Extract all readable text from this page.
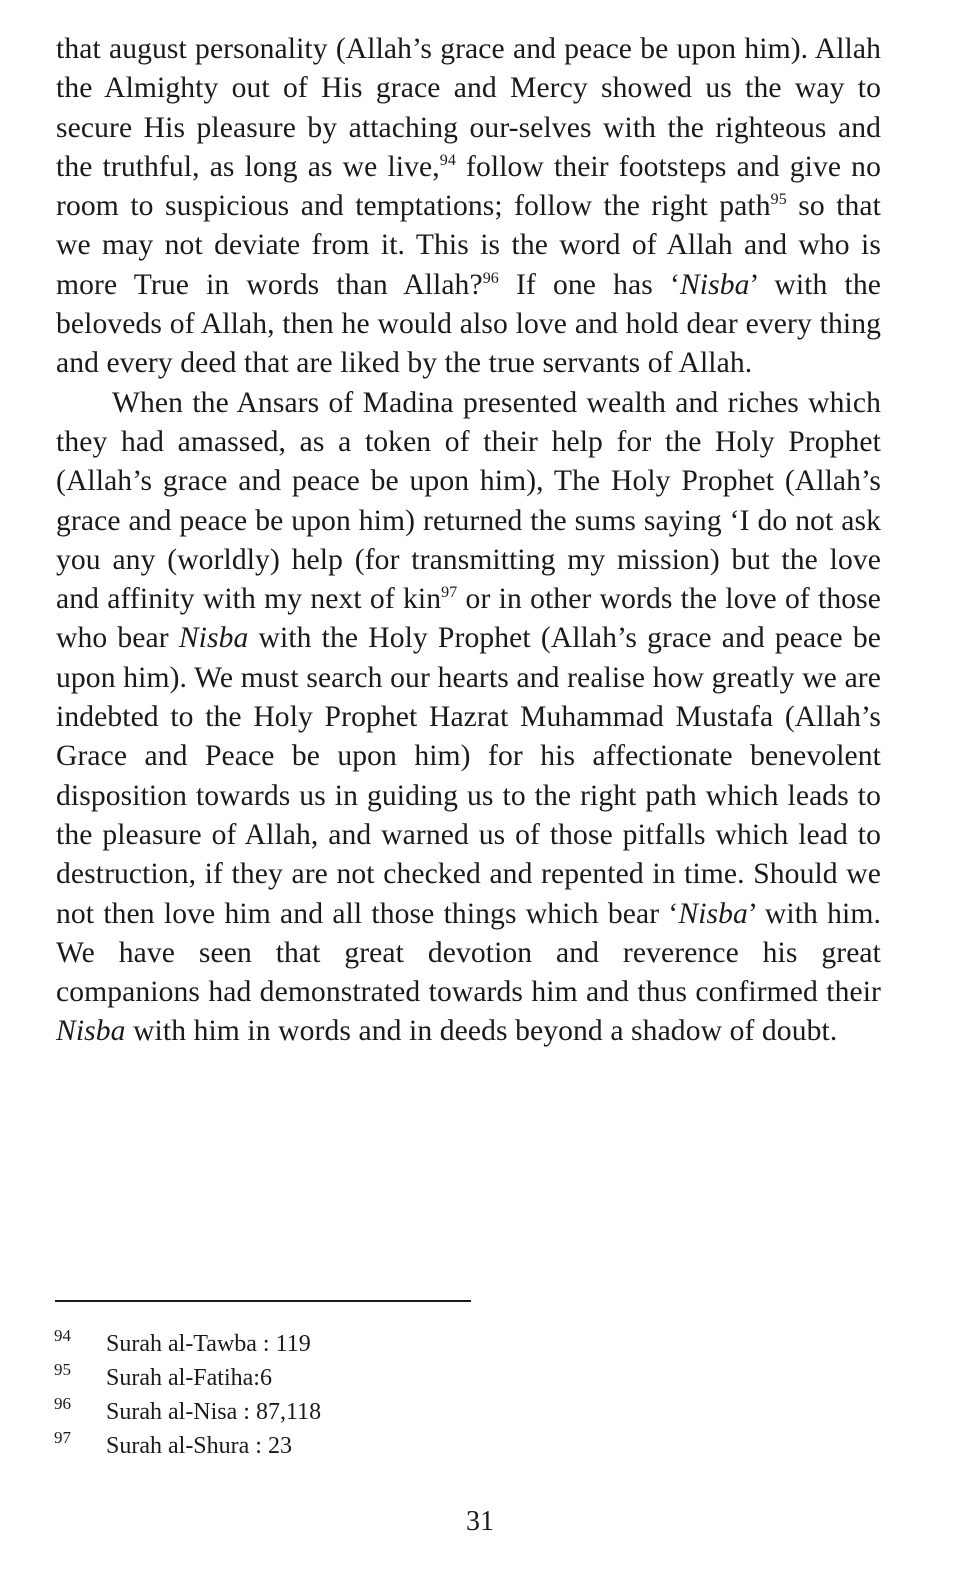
that august personality (Allah’s grace and peace be upon him). Allah the Almighty out of His grace and Mercy showed us the way to secure His pleasure by attaching our-selves with the righteous and the truthful, as long as we live,$^{94}$ follow their footsteps and give no room to suspicious and temptations; follow the right path$^{95}$ so that we may not deviate from it. This is the word of Allah and who is more True in words than Allah?$^{96}$ If one has ‘Nisba’ with the beloveds of Allah, then he would also love and hold dear every thing and every deed that are liked by the true servants of Allah.

When the Ansars of Madina presented wealth and riches which they had amassed, as a token of their help for the Holy Prophet (Allah’s grace and peace be upon him), The Holy Prophet (Allah’s grace and peace be upon him) returned the sums saying ‘I do not ask you any (worldly) help (for transmitting my mission) but the love and affinity with my next of kin$^{97}$ or in other words the love of those who bear Nisba with the Holy Prophet (Allah’s grace and peace be upon him). We must search our hearts and realise how greatly we are indebted to the Holy Prophet Hazrat Muhammad Mustafa (Allah’s Grace and Peace be upon him) for his affectionate benevolent disposition towards us in guiding us to the right path which leads to the pleasure of Allah, and warned us of those pitfalls which lead to destruction, if they are not checked and repented in time. Should we not then love him and all those things which bear ‘Nisba’ with him. We have seen that great devotion and reverence his great companions had demonstrated towards him and thus confirmed their Nisba with him in words and in deeds beyond a shadow of doubt.

94 Surah al-Tawba : 119
95 Surah al-Fatiha:6
96 Surah al-Nisa : 87,118
97 Surah al-Shura : 23
31
